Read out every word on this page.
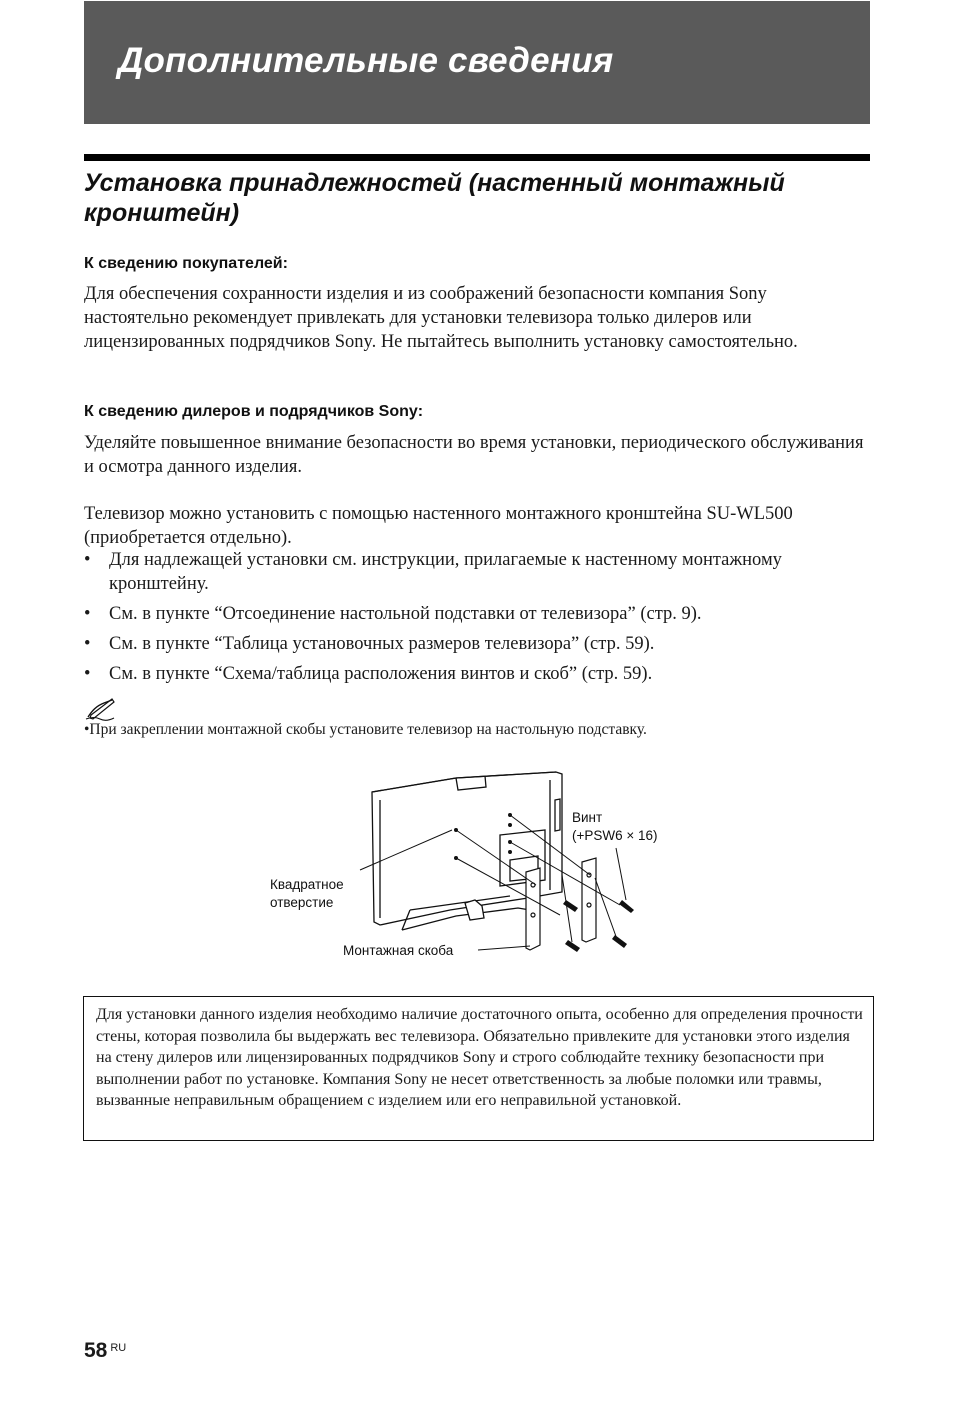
Дополнительные сведения
Установка принадлежностей (настенный монтажный кронштейн)
К сведению покупателей:

Для обеспечения сохранности изделия и из соображений безопасности компания Sony настоятельно рекомендует привлекать для установки телевизора только дилеров или лицензированных подрядчиков Sony. Не пытайтесь выполнить установку самостоятельно.

К сведению дилеров и подрядчиков Sony:

Уделяйте повышенное внимание безопасности во время установки, периодического обслуживания и осмотра данного изделия.

Телевизор можно установить с помощью настенного монтажного кронштейна SU-WL500 (приобретается отдельно).

• Для надлежащей установки см. инструкции, прилагаемые к настенному монтажному кронштейну.
• См. в пункте “Отсоединение настольной подставки от телевизора” (стр. 9).
• См. в пункте “Таблица установочных размеров телевизора” (стр. 59).
• См. в пункте “Схема/таблица расположения винтов и скоб” (стр. 59).

•При закреплении монтажной скобы установите телевизор на настольную подставку.

Квадратное
отверстие
Винт
(+PSW6 × 16)
Монтажная скоба
Для установки данного изделия необходимо наличие достаточного опыта, особенно для определения прочности стены, которая позволила бы выдержать вес телевизора. Обязательно привлеките для установки этого изделия на стену дилеров или лицензированных подрядчиков Sony и строго соблюдайте технику безопасности при выполнении работ по установке. Компания Sony не несет ответственность за любые поломки или травмы, вызванные неправильным обращением с изделием или его неправильной установкой.
58 $^{RU}$
